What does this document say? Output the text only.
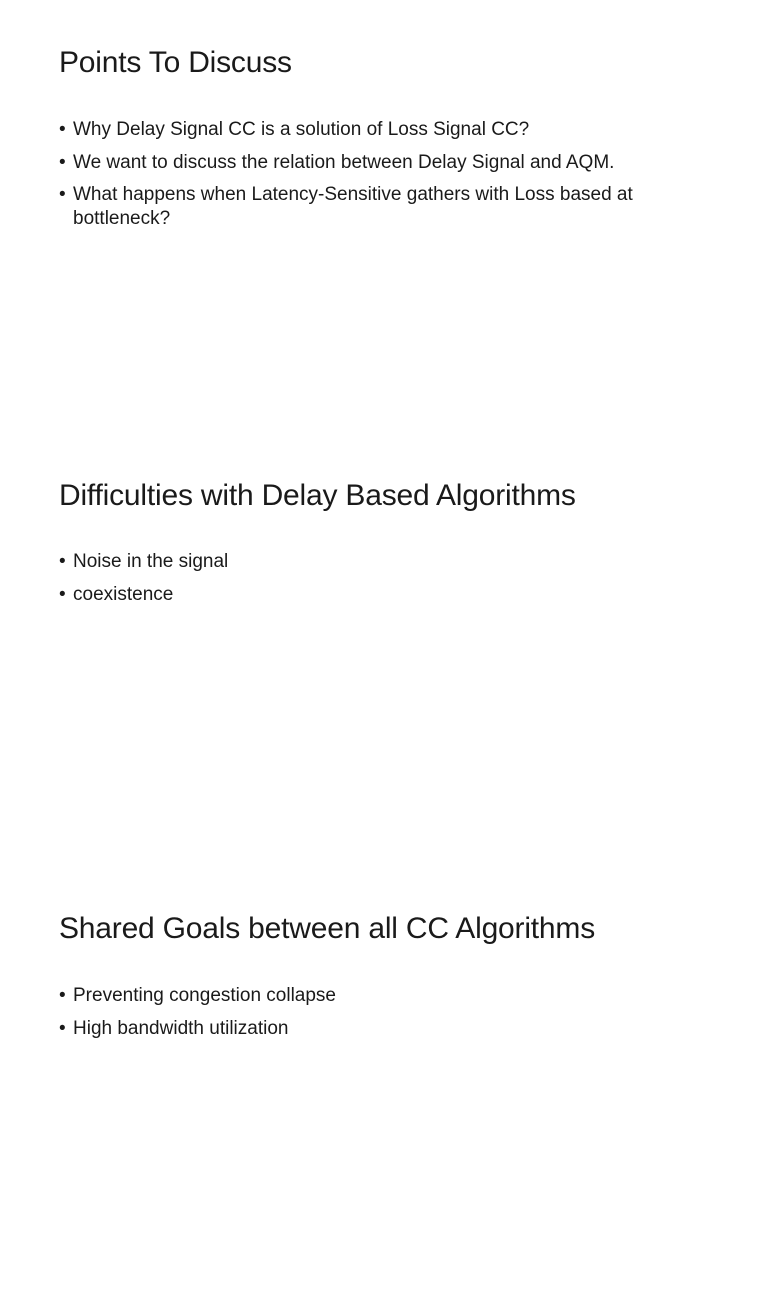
Points To Discuss
• Why Delay Signal CC is a solution of Loss Signal CC?
• We want to discuss the relation between Delay Signal and AQM.
• What happens when Latency-Sensitive gathers with Loss based at bottleneck?
Difficulties with Delay Based Algorithms
• Noise in the signal
• coexistence
Shared Goals between all CC Algorithms
• Preventing congestion collapse
• High bandwidth utilization
